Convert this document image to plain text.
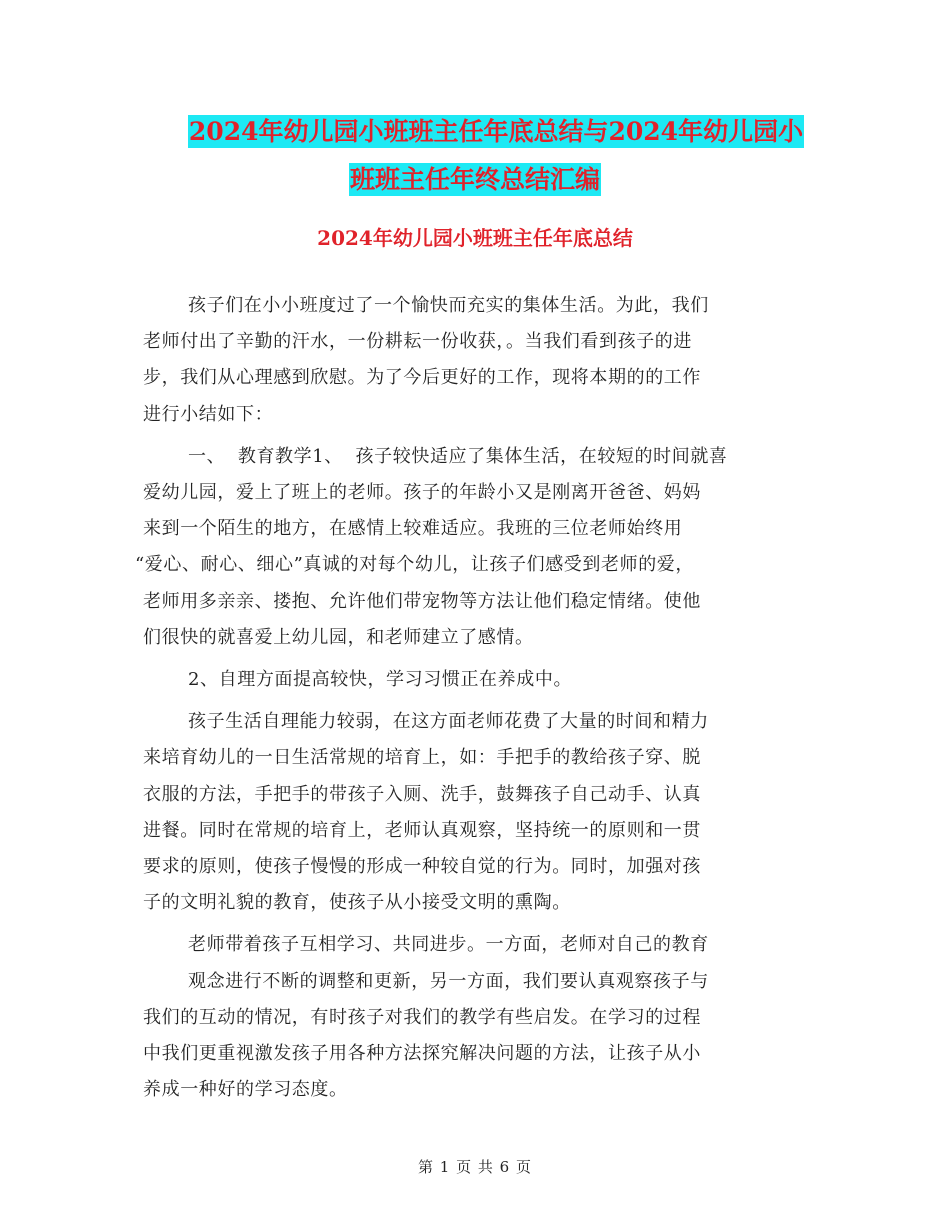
2024年幼儿园小班班主任年底总结与2024年幼儿园小
班班主任年终总结汇编
2024年幼儿园小班班主任年底总结

孩子们在小小班度过了一个愉快而充实的集体生活。为此，我们
老师付出了辛勤的汗水，一份耕耘一份收获，。当我们看到孩子的进
步，我们从心理感到欣慰。为了今后更好的工作，现将本期的的工作
进行小结如下：

一、  教育教学1、  孩子较快适应了集体生活，在较短的时间就喜
爱幼儿园，爱上了班上的老师。孩子的年龄小又是刚离开爸爸、妈妈
来到一个陌生的地方，在感情上较难适应。我班的三位老师始终用
“爱心、耐心、细心”真诚的对每个幼儿，让孩子们感受到老师的爱，
老师用多亲亲、搂抱、允许他们带宠物等方法让他们稳定情绪。使他
们很快的就喜爱上幼儿园，和老师建立了感情。

2、自理方面提高较快，学习习惯正在养成中。

孩子生活自理能力较弱，在这方面老师花费了大量的时间和精力
来培育幼儿的一日生活常规的培育上，如：手把手的教给孩子穿、脱
衣服的方法，手把手的带孩子入厕、洗手，鼓舞孩子自己动手、认真
进餐。同时在常规的培育上，老师认真观察，坚持统一的原则和一贯
要求的原则，使孩子慢慢的形成一种较自觉的行为。同时，加强对孩
子的文明礼貌的教育，使孩子从小接受文明的熏陶。

老师带着孩子互相学习、共同进步。一方面，老师对自己的教育
观念进行不断的调整和更新，另一方面，我们要认真观察孩子与
我们的互动的情况，有时孩子对我们的教学有些启发。在学习的过程
中我们更重视激发孩子用各种方法探究解决问题的方法，让孩子从小
养成一种好的学习态度。

第 1 页 共 6 页
